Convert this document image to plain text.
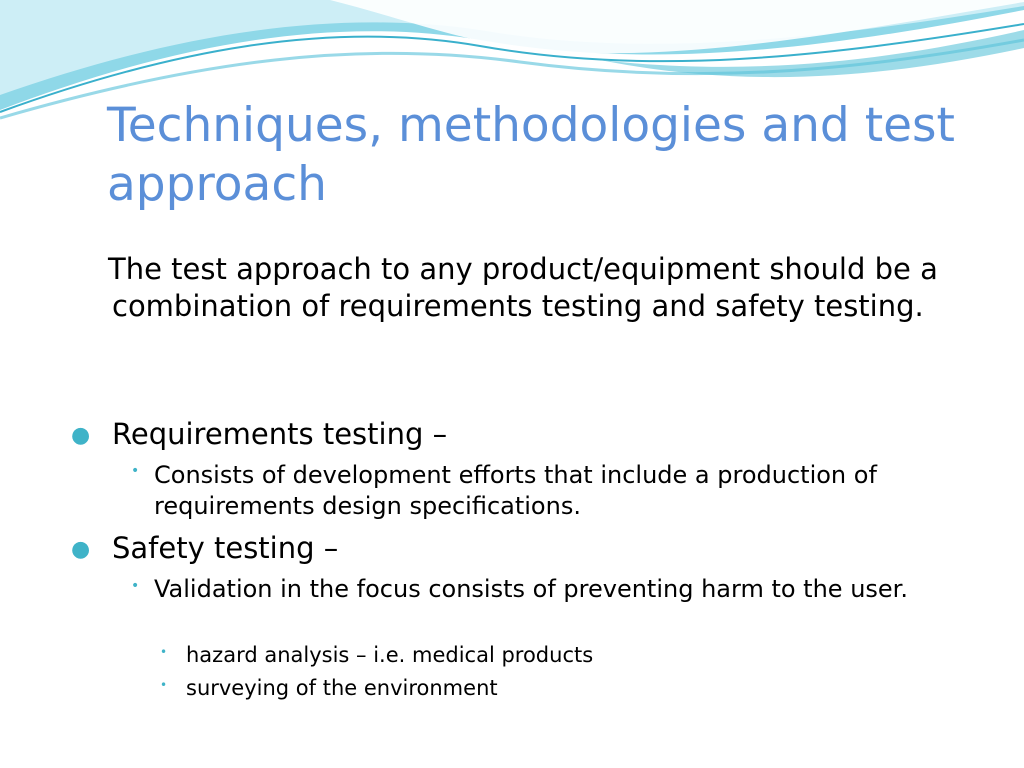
Techniques, methodologies and test approach

The test approach to any product/equipment should be a combination of requirements testing and safety testing.

● Requirements testing –
• Consists of development efforts that include a production of requirements design specifications.
● Safety testing –
• Validation in the focus consists of preventing harm to the user.
• hazard analysis – i.e. medical products
• surveying of the environment
